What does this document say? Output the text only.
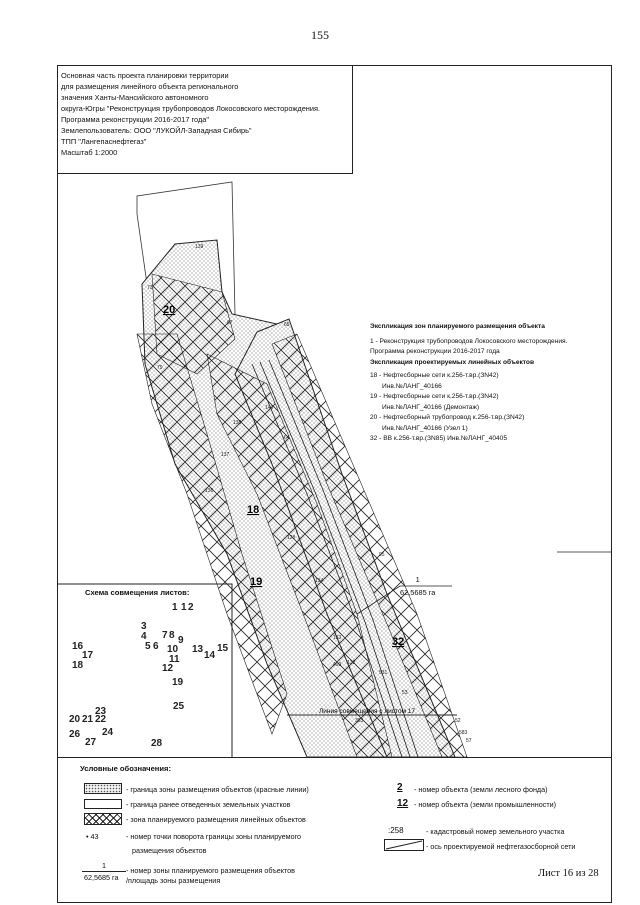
155
Основная часть проекта планировки территории
для размещения линейного объекта регионального
значения Ханты-Мансийского автономного
округа-Югры "Реконструкция трубопроводов Локосовского месторождения.
Программа реконструкции 2016-2017 года"
Землепользователь: ООО "ЛУКОЙЛ-Западная Сибирь"
ТПП "Лангепаснефтегаз"
Масштаб 1:2000
20
18
19
32
Линия совмещения с листом 17
139
73
67	65
79
138
137
140
64
136
128
134
95
133
132
499
531
53
383	52
583
57
1 1 2
3
4
5 6
7 8 9
10
11
12
13
14
15
16
17
18
19
20 21 22
23
24
25
26
27	28
Экспликация зон планируемого размещения объекта
1 - Реконструкция трубопроводов Локосовского месторождения.
Программа реконструкции 2016-2017 года
Экспликация проектируемых линейных объектов
18 - Нефтесборные сети к.256-т.вр.(ЗN42)
Инв.№ЛАНГ_40166
19 - Нефтесборные сети к.256-т.вр.(ЗN42)
Инв.№ЛАНГ_40166 (Демонтаж)
20 - Нефтесборный трубопровод к.256-т.вр.(ЗN42)
Инв.№ЛАНГ_40166 (Узел 1)
32 - ВВ к.256-т.вр.(ЗN85) Инв.№ЛАНГ_40405
1
62,5685 га
Схема совмещения листов:
Условные обозначения:
- граница зоны размещения объектов (красные линии)
- граница ранее отведенных земельных участков
- зона планируемого размещения линейных объектов
• 43	- номер точки поворота границы зоны планируемого
размещения объектов
1
62,5685 га
- номер зоны планируемого размещения объектов
/площадь зоны размещения
2 - номер объекта (земли лесного фонда)
12 - номер объекта (земли промышленности)
:258	- кадастровый номер земельного участка
- ось проектируемой нефтегазосборной сети
Лист 16 из 28
